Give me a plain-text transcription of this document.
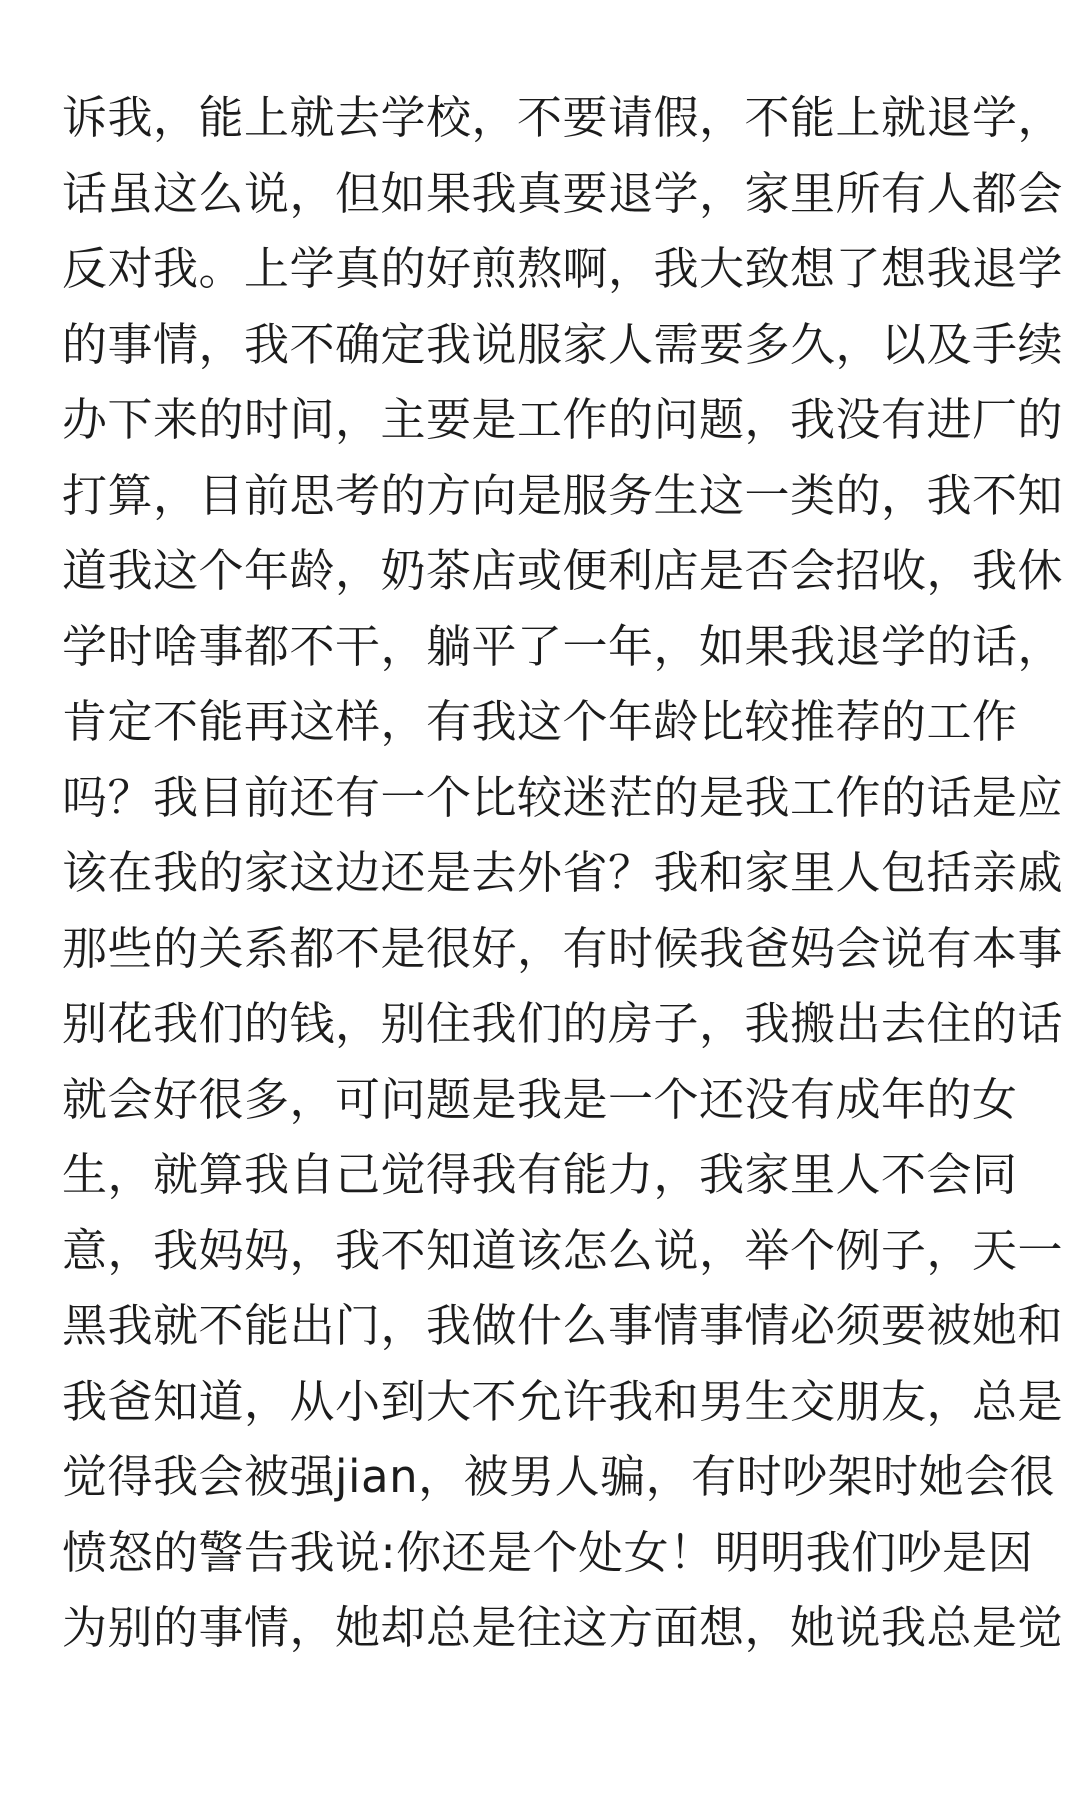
诉我，能上就去学校，不要请假，不能上就退学，
话虽这么说，但如果我真要退学，家里所有人都会
反对我。上学真的好煎熬啊，我大致想了想我退学
的事情，我不确定我说服家人需要多久，以及手续
办下来的时间，主要是工作的问题，我没有进厂的
打算，目前思考的方向是服务生这一类的，我不知
道我这个年龄，奶茶店或便利店是否会招收，我休
学时啥事都不干，躺平了一年，如果我退学的话，
肯定不能再这样，有我这个年龄比较推荐的工作
吗？我目前还有一个比较迷茫的是我工作的话是应
该在我的家这边还是去外省？我和家里人包括亲戚
那些的关系都不是很好，有时候我爸妈会说有本事
别花我们的钱，别住我们的房子，我搬出去住的话
就会好很多，可问题是我是一个还没有成年的女
生，就算我自己觉得我有能力，我家里人不会同
意，我妈妈，我不知道该怎么说，举个例子，天一
黑我就不能出门，我做什么事情事情必须要被她和
我爸知道，从小到大不允许我和男生交朋友，总是
觉得我会被强jian，被男人骗，有时吵架时她会很
愤怒的警告我说:你还是个处女！明明我们吵是因
为别的事情，她却总是往这方面想，她说我总是觉
